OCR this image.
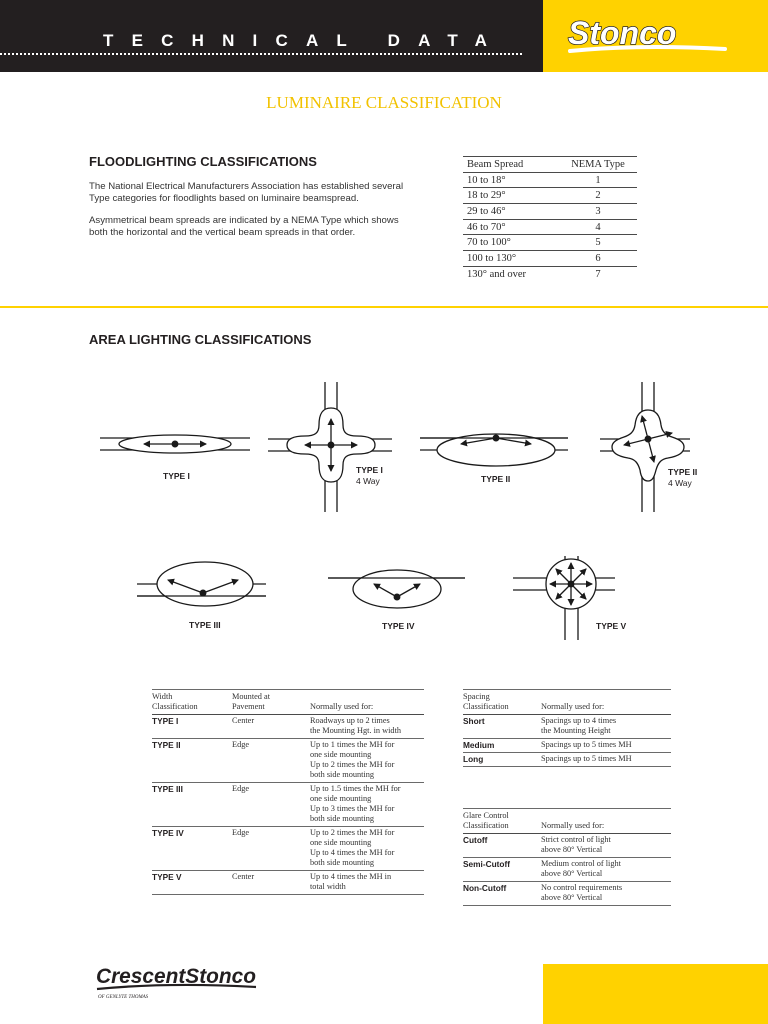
TECHNICAL DATA Stonco
LUMINAIRE CLASSIFICATION
FLOODLIGHTING CLASSIFICATIONS
The National Electrical Manufacturers Association has established several Type categories for floodlights based on luminaire beamspread.
Asymmetrical beam spreads are indicated by a NEMA Type which shows both the horizontal and the vertical beam spreads in that order.
Beam Spread	NEMA Type
10 to 18°	1
18 to 29°	2
29 to 46°	3
46 to 70°	4
70 to 100°	5
100 to 130°	6
130° and over	7
AREA LIGHTING CLASSIFICATIONS
TYPE I
TYPE I
4 Way	TYPE II
TYPE II
4 Way
TYPE III	TYPE IV	TYPE V
Width
Classification	Mounted at
Pavement	Normally used for:
TYPE I	Center	Roadways up to 2 times
the Mounting Hgt. in width
TYPE II	Edge	Up to 1 times the MH for
one side mounting
Up to 2 times the MH for
both side mounting
TYPE III	Edge	Up to 1.5 times the MH for
one side mounting
Up to 3 times the MH for
both side mounting
TYPE IV	Edge	Up to 2 times the MH for
one side mounting
Up to 4 times the MH for
both side mounting
TYPE V	Center	Up to 4 times the MH in
total width
Spacing
Classification	Normally used for:
Short	Spacings up to 4 times
the Mounting Height
Medium	Spacings up to 5 times MH
Long	Spacings up to 5 times MH
Glare Control
Classification	Normally used for:
Cutoff	Strict control of light
above 80° Vertical
Semi-Cutoff	Medium control of light
above 80° Vertical
Non-Cutoff	No control requirements
above 80° Vertical
CrescentStonco
OF GENLYTE THOMAS
